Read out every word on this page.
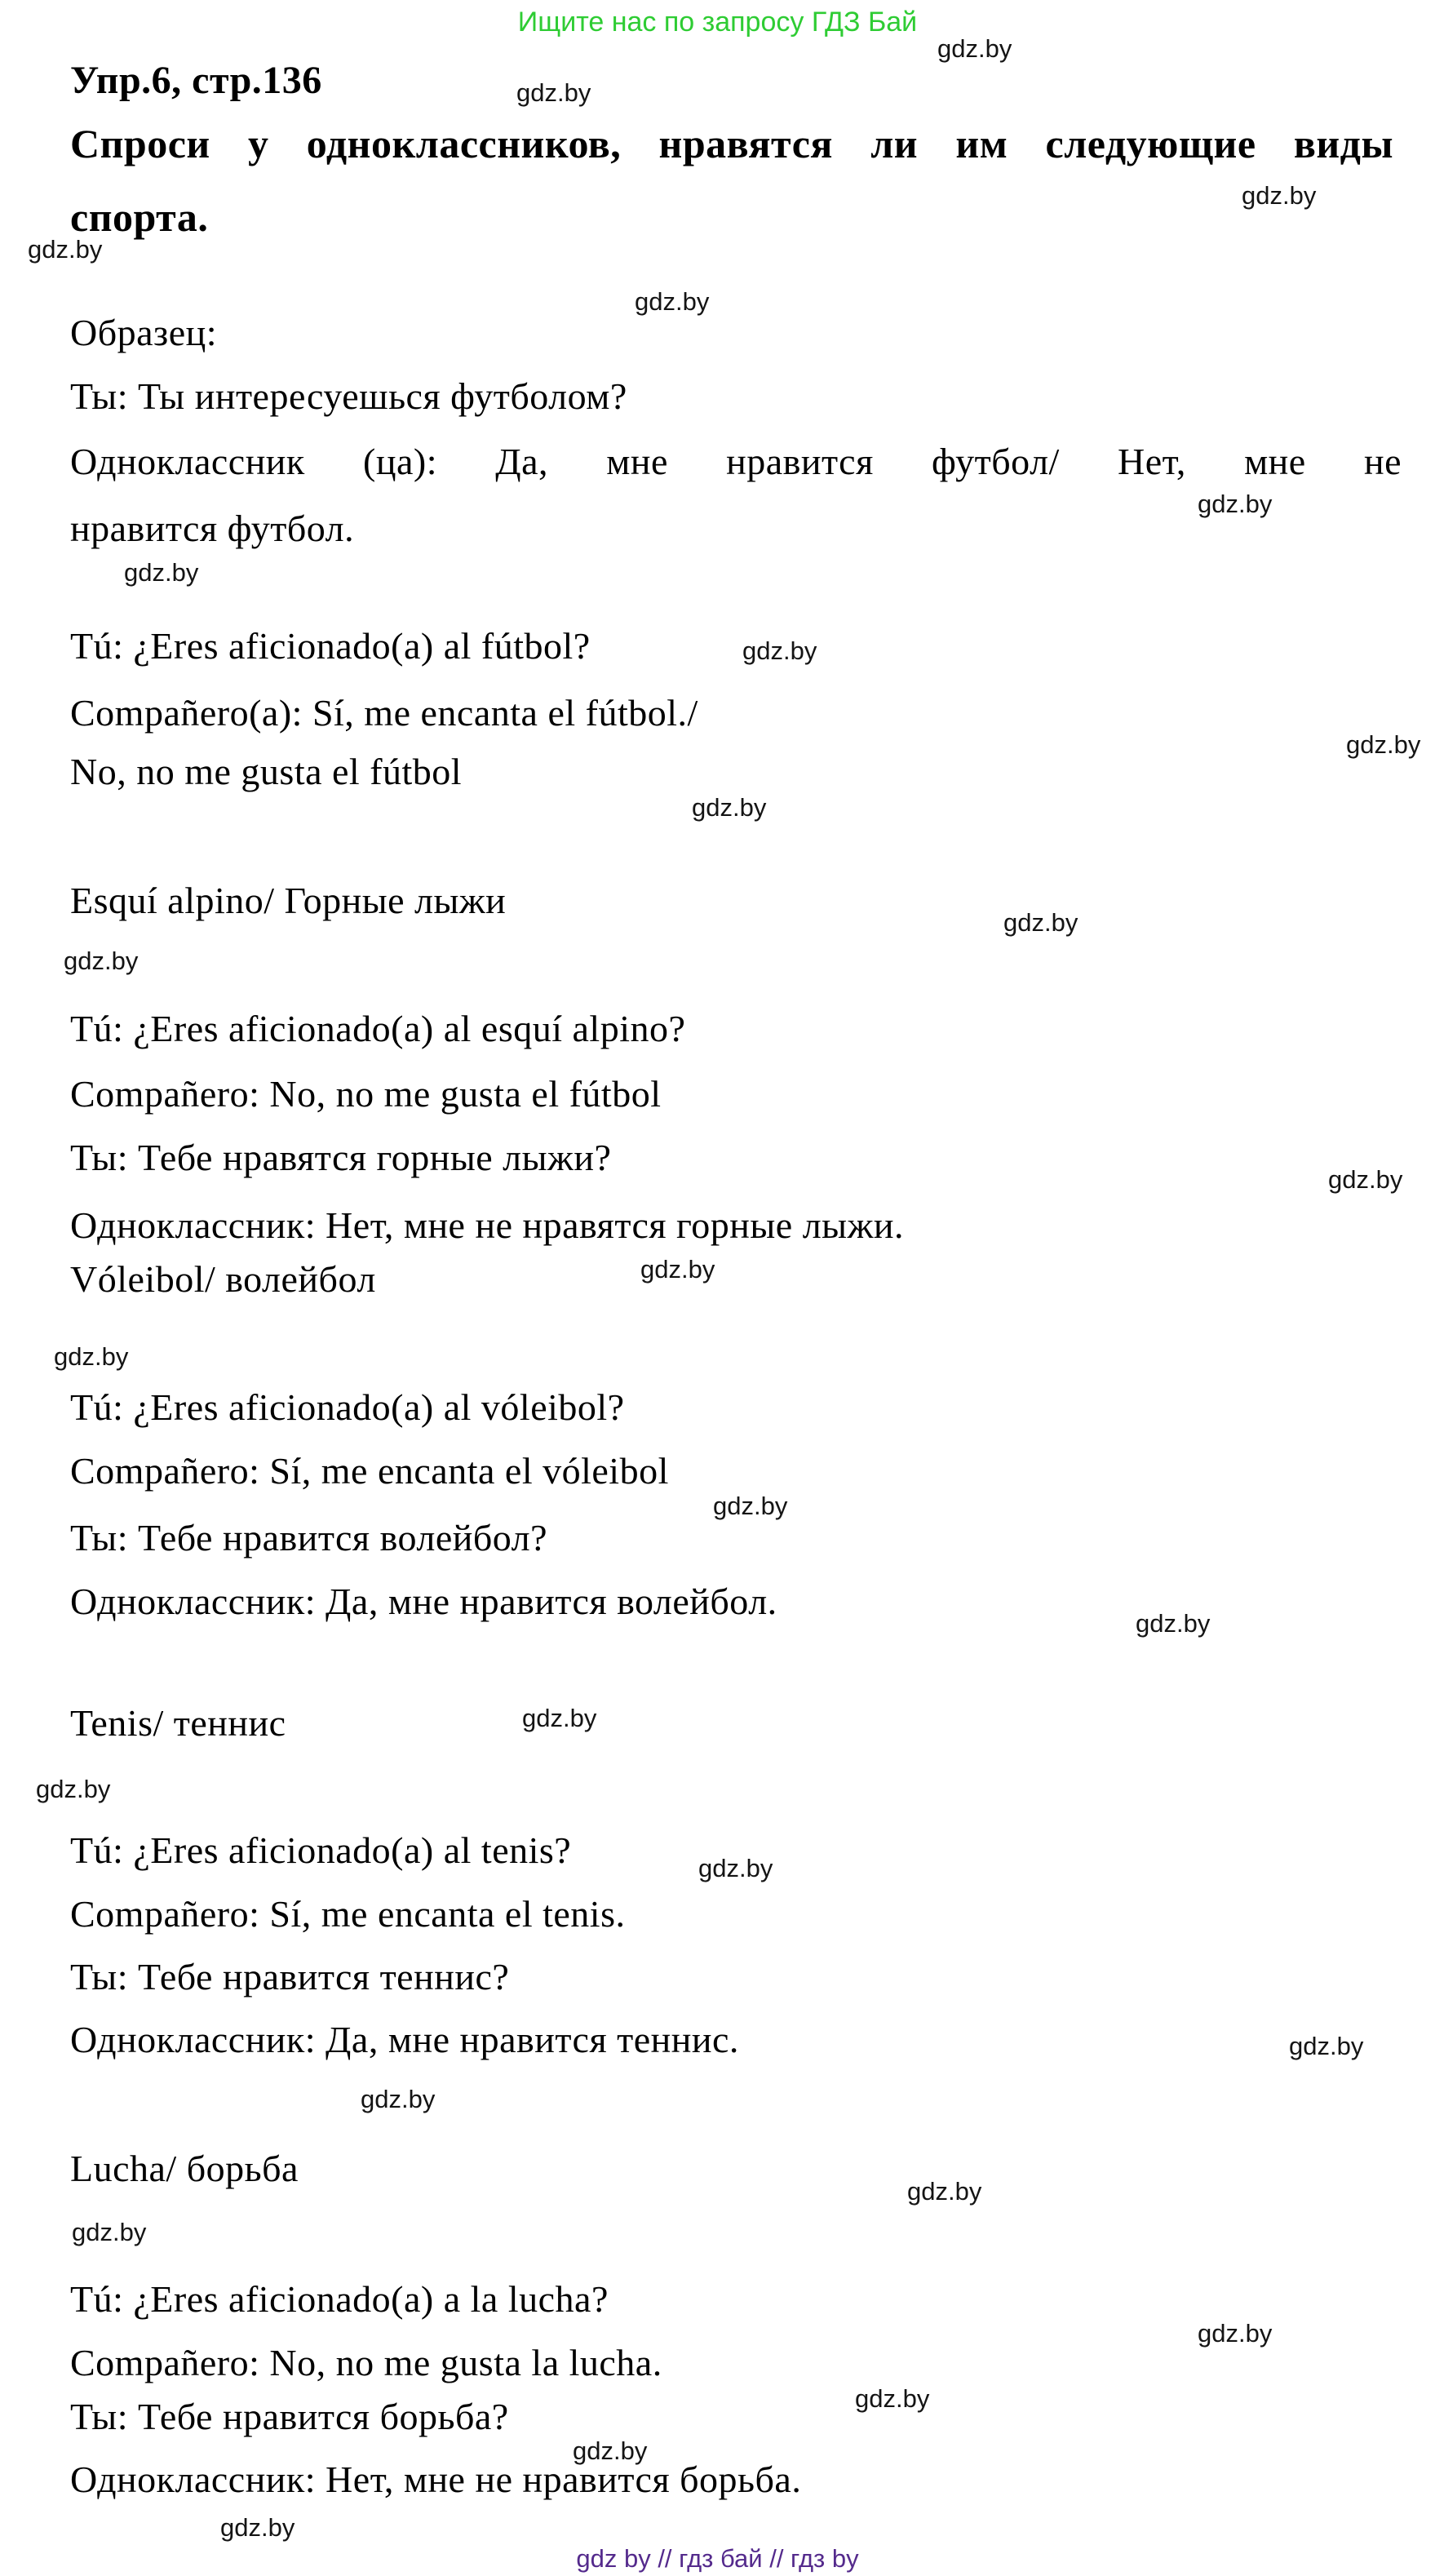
Ищите нас по запросу ГДЗ Бай
Упр.6, стр.136
Спроси у одноклассников, нравятся ли им следующие виды
спорта.
Образец:
Ты: Ты интересуешься футболом?
Одноклассник (ца): Да, мне нравится футбол/ Нет, мне не
нравится футбол.
Tú: ¿Eres aficionado(a) al fútbol?
Compañero(a): Sí, me encanta el fútbol./
No, no me gusta el fútbol
Esquí alpino/ Горные лыжи
Tú: ¿Eres aficionado(a) al esquí alpino?
Compañero: No, no me gusta el fútbol
Ты: Тебе нравятся горные лыжи?
Одноклассник: Нет, мне не нравятся горные лыжи.
Vóleibol/ волейбол
Tú: ¿Eres aficionado(a) al vóleibol?
Compañero: Sí, me encanta el vóleibol
Ты: Тебе нравится волейбол?
Одноклассник: Да, мне нравится волейбол.
Tenis/ теннис
Tú: ¿Eres aficionado(a) al tenis?
Compañero: Sí, me encanta el tenis.
Ты: Тебе нравится теннис?
Одноклассник: Да, мне нравится теннис.
Lucha/ борьба
Tú: ¿Eres aficionado(a) a la lucha?
Compañero: No, no me gusta la lucha.
Ты: Тебе нравится борьба?
Одноклассник: Нет, мне не нравится борьба.
gdz.by
gdz.by
gdz.by
gdz.by
gdz.by
gdz.by
gdz.by
gdz.by
gdz.by
gdz.by
gdz.by
gdz.by
gdz.by
gdz.by
gdz.by
gdz.by
gdz.by
gdz.by
gdz.by
gdz.by
gdz.by
gdz.by
gdz.by
gdz.by
gdz.by
gdz.by
gdz.by
gdz.by
gdz by // гдз бай // гдз by
